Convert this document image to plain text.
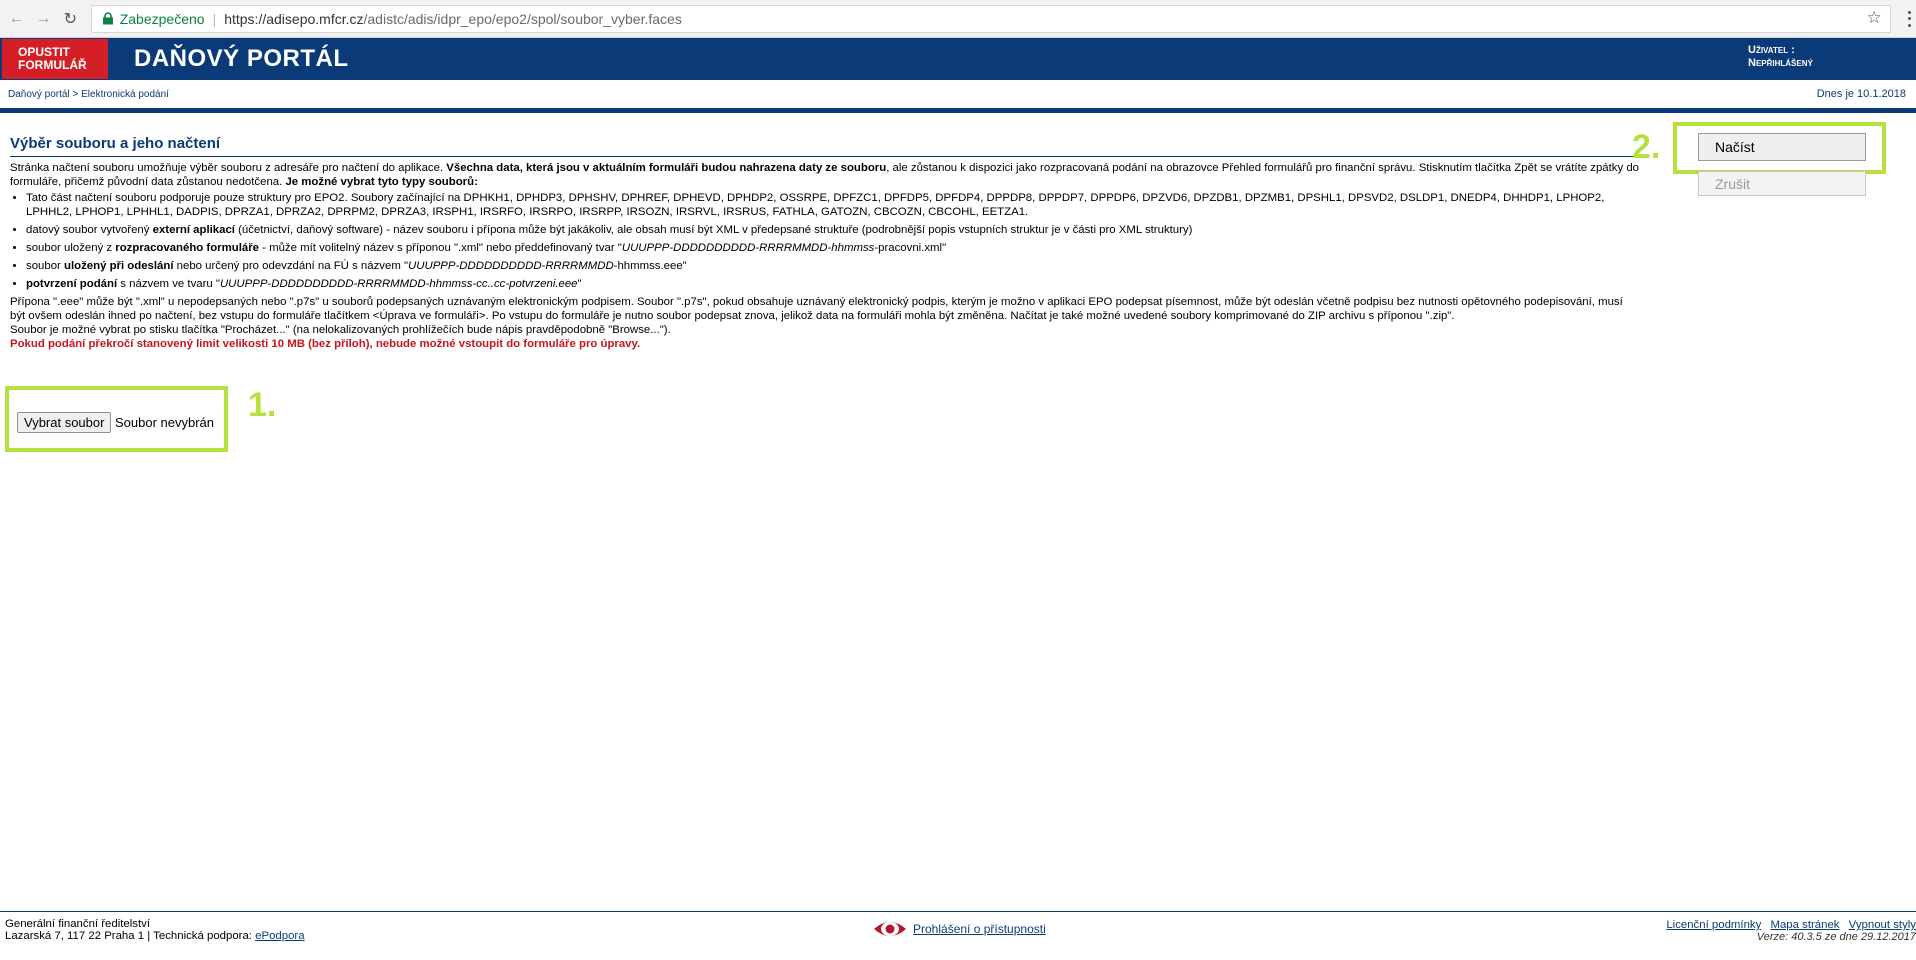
← → ↻	Zabezpečeno | https://adisepo.mfcr.cz /adistc/adis/idpr_epo/epo2/spol/soubor_vyber.faces	☆
OPUSTIT
FORMULÁŘ	DAŇOVÝ PORTÁL	Uživatel :
Nepřihlášený
Daňový portál > Elektronická podání	Dnes je 10.1.2018
Výběr souboru a jeho načtení
Stránka načtení souboru umožňuje výběr souboru z adresáře pro načtení do aplikace. Všechna data, která jsou v aktuálním formuláři budou nahrazena daty ze souboru, ale zůstanou k dispozici jako rozpracovaná podání na obrazovce Přehled formulářů pro finanční správu. Stisknutím tlačítka Zpět se vrátíte zpátky do formuláře, přičemž původní data zůstanou nedotčena. Je možné vybrat tyto typy souborů:
• Tato část načtení souboru podporuje pouze struktury pro EPO2. Soubory začínající na DPHKH1, DPHDP3, DPHSHV, DPHREF, DPHEVD, DPHDP2, OSSRPE, DPFZC1, DPFDP5, DPFDP4, DPPDP8, DPPDP7, DPPDP6, DPZVD6, DPZDB1, DPZMB1, DPSHL1, DPSVD2, DSLDP1, DNEDP4, DHHDP1, LPHOP2, LPHHL2, LPHOP1, LPHHL1, DADPIS, DPRZA1, DPRZA2, DPRPM2, DPRZA3, IRSPH1, IRSRFO, IRSRPO, IRSRPP, IRSOZN, IRSRVL, IRSRUS, FATHLA, GATOZN, CBCOZN, CBCOHL, EETZA1.
• datový soubor vytvořený externí aplikací (účetnictví, daňový software) - název souboru i přípona může být jakákoliv, ale obsah musí být XML v předepsané struktuře (podrobnější popis vstupních struktur je v části pro XML struktury)
• soubor uložený z rozpracovaného formuláře - může mít volitelný název s příponou ".xml" nebo předdefinovaný tvar "UUUPPP-DDDDDDDDDD-RRRRMMDD-hhmmss-pracovni.xml"
• soubor uložený při odeslání nebo určený pro odevzdání na FÚ s názvem "UUUPPP-DDDDDDDDDD-RRRRMMDD-hhmmss.eee"
• potvrzení podání s názvem ve tvaru "UUUPPP-DDDDDDDDDD-RRRRMMDD-hhmmss-cc..cc-potvrzeni.eee"
Přípona ".eee" může být ".xml" u nepodepsaných nebo ".p7s" u souborů podepsaných uznávaným elektronickým podpisem. Soubor ".p7s", pokud obsahuje uznávaný elektronický podpis, kterým je možno v aplikaci EPO podepsat písemnost, může být odeslán včetně podpisu bez nutnosti opětovného podepisování, musí být ovšem odeslán ihned po načtení, bez vstupu do formuláře tlačítkem <Úprava ve formuláři>. Po vstupu do formuláře je nutno soubor podepsat znova, jelikož data na formuláři mohla být změněna. Načítat je také možné uvedené soubory komprimované do ZIP archivu s příponou ".zip".
Soubor je možné vybrat po stisku tlačítka "Procházet..." (na nelokalizovaných prohlížečích bude nápis pravděpodobně "Browse...").
Pokud podání překročí stanovený limit velikosti 10 MB (bez příloh), nebude možné vstoupit do formuláře pro úpravy.
Vybrat soubor Soubor nevybrán 1.
2.	Načíst
Zrušit
Generální finanční ředitelství
Lazarská 7, 117 22 Praha 1 | Technická podpora: ePodpora	Prohlášení o přístupnosti	Licenční podmínky Mapa stránek Vypnout styly
Verze: 40.3.5 ze dne 29.12.2017
